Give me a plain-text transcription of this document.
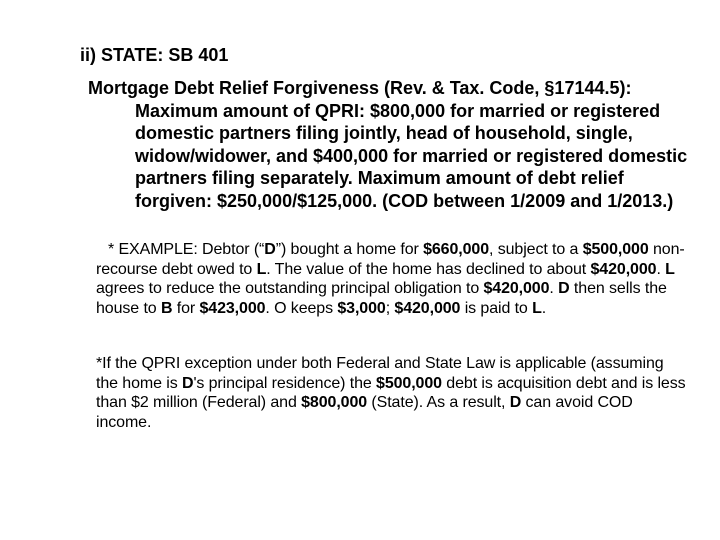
ii) STATE: SB 401
Mortgage Debt Relief Forgiveness (Rev. & Tax. Code, §17144.5): Maximum amount of QPRI: $800,000 for married or registered domestic partners filing jointly, head of household, single, widow/widower, and $400,000 for married or registered domestic partners filing separately. Maximum amount of debt relief forgiven: $250,000/$125,000. (COD between 1/2009 and 1/2013.)
* EXAMPLE: Debtor (“D”) bought a home for $660,000, subject to a $500,000 non-recourse debt owed to L. The value of the home has declined to about $420,000. L agrees to reduce the outstanding principal obligation to $420,000. D then sells the house to B for $423,000. O keeps $3,000; $420,000 is paid to L.
*If the QPRI exception under both Federal and State Law is applicable (assuming the home is D's principal residence) the $500,000 debt is acquisition debt and is less than $2 million (Federal) and $800,000 (State). As a result, D can avoid COD income.
